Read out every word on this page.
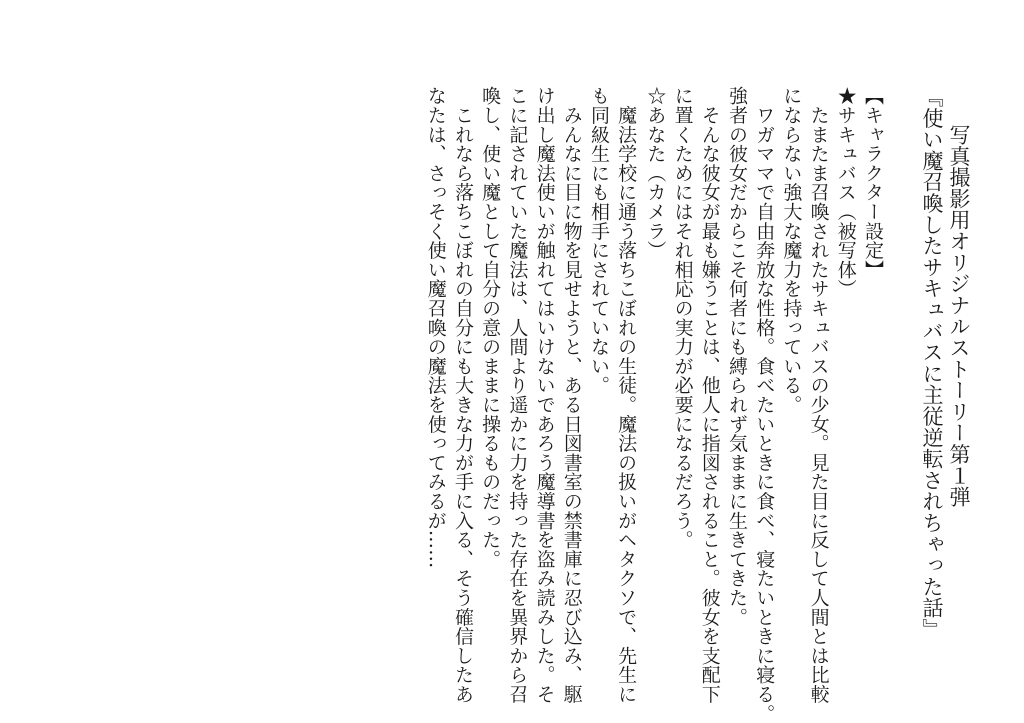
写真撮影用オリジナルストーリー第１弾
『使い魔召喚したサキュバスに主従逆転されちゃった話』
【キャラクター設定】
★サキュバス（被写体）
　たまたま召喚されたサキュバスの少女。見た目に反して人間とは比較
にならない強大な魔力を持っている。
　ワガママで自由奔放な性格。食べたいときに食べ、寝たいときに寝る。
強者の彼女だからこそ何者にも縛られず気ままに生きてきた。
　そんな彼女が最も嫌うことは、他人に指図されること。彼女を支配下
に置くためにはそれ相応の実力が必要になるだろう。
☆あなた（カメラ）
　魔法学校に通う落ちこぼれの生徒。魔法の扱いがヘタクソで、先生に
も同級生にも相手にされていない。
　みんなに目に物を見せようと、ある日図書室の禁書庫に忍び込み、駆
け出し魔法使いが触れてはいけないであろう魔導書を盗み読みした。そ
こに記されていた魔法は、人間より遥かに力を持った存在を異界から召
喚し、使い魔として自分の意のままに操るものだった。
　これなら落ちこぼれの自分にも大きな力が手に入る、そう確信したあ
なたは、さっそく使い魔召喚の魔法を使ってみるが……
